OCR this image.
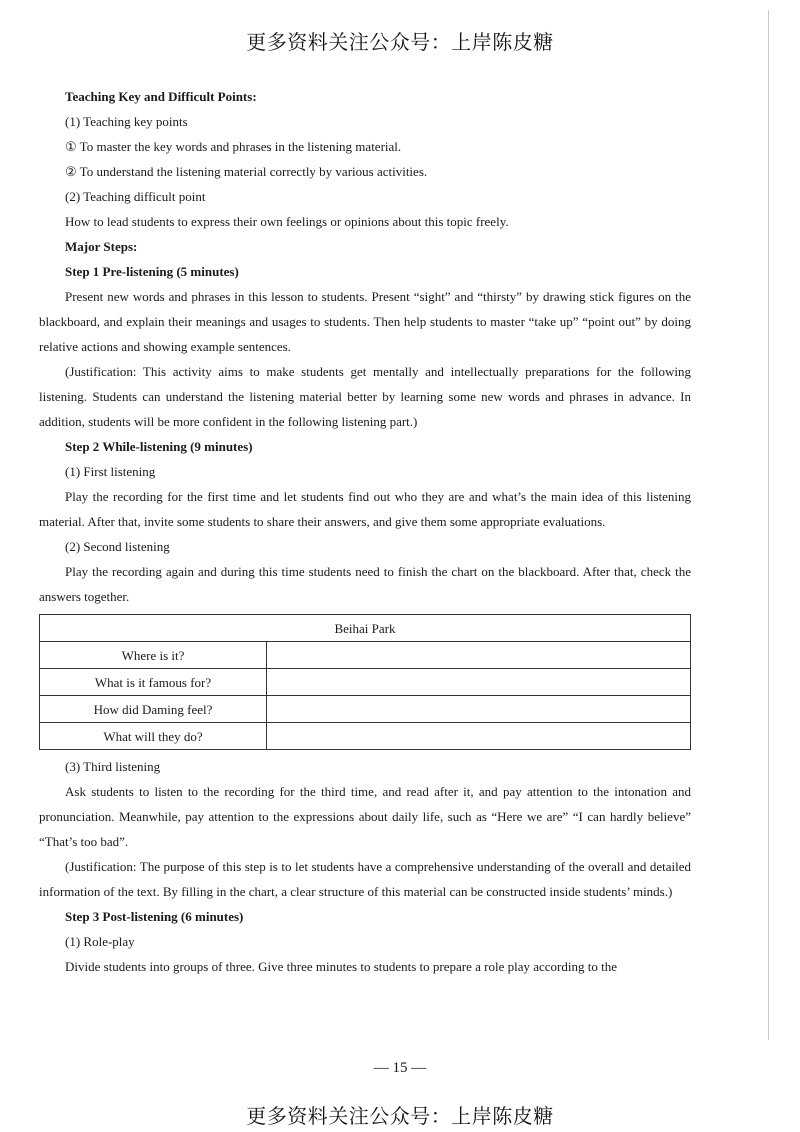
更多资料关注公众号：上岸陈皮糖

Teaching Key and Difficult Points:

(1) Teaching key points

① To master the key words and phrases in the listening material.

② To understand the listening material correctly by various activities.

(2) Teaching difficult point

How to lead students to express their own feelings or opinions about this topic freely.

Major Steps:

Step 1 Pre-listening (5 minutes)

Present new words and phrases in this lesson to students. Present “sight” and “thirsty” by drawing stick figures on the blackboard, and explain their meanings and usages to students. Then help students to master “take up” “point out” by doing relative actions and showing example sentences.

(Justification: This activity aims to make students get mentally and intellectually preparations for the following listening. Students can understand the listening material better by learning some new words and phrases in advance. In addition, students will be more confident in the following listening part.)

Step 2 While-listening (9 minutes)

(1) First listening

Play the recording for the first time and let students find out who they are and what’s the main idea of this listening material. After that, invite some students to share their answers, and give them some appropriate evaluations.

(2) Second listening

Play the recording again and during this time students need to finish the chart on the blackboard. After that, check the answers together.

Beihai Park	
Where is it?	
What is it famous for?	
How did Daming feel?	
What will they do?	

(3) Third listening

Ask students to listen to the recording for the third time, and read after it, and pay attention to the intonation and pronunciation. Meanwhile, pay attention to the expressions about daily life, such as “Here we are” “I can hardly believe” “That’s too bad”.

(Justification: The purpose of this step is to let students have a comprehensive understanding of the overall and detailed information of the text. By filling in the chart, a clear structure of this material can be constructed inside students’ minds.)

Step 3 Post-listening (6 minutes)

(1) Role-play

Divide students into groups of three. Give three minutes to students to prepare a role play according to the

— 15 —
更多资料关注公众号：上岸陈皮糖
